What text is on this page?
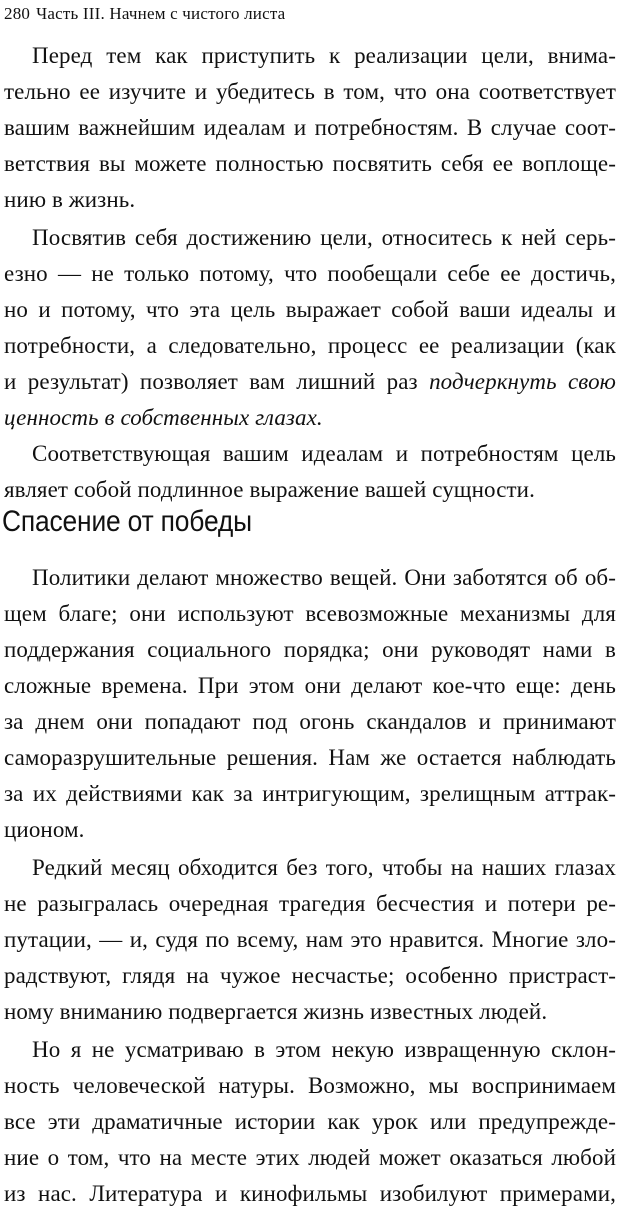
280 Часть III. Начнем с чистого листа
Перед тем как приступить к реализации цели, внима-
тельно ее изучите и убедитесь в том, что она соответствует
вашим важнейшим идеалам и потребностям. В случае соот-
ветствия вы можете полностью посвятить себя ее воплоще-
нию в жизнь.
Посвятив себя достижению цели, относитесь к ней серь-
езно — не только потому, что пообещали себе ее достичь,
но и потому, что эта цель выражает собой ваши идеалы и
потребности, а следовательно, процесс ее реализации (как
и результат) позволяет вам лишний раз подчеркнуть свою
ценность в собственных глазах.
Соответствующая вашим идеалам и потребностям цель
являет собой подлинное выражение вашей сущности.
Спасение от победы
Политики делают множество вещей. Они заботятся об об-
щем благе; они используют всевозможные механизмы для
поддержания социального порядка; они руководят нами в
сложные времена. При этом они делают кое-что еще: день
за днем они попадают под огонь скандалов и принимают
саморазрушительные решения. Нам же остается наблюдать
за их действиями как за интригующим, зрелищным аттрак-
ционом.
Редкий месяц обходится без того, чтобы на наших глазах
не разыгралась очередная трагедия бесчестия и потери ре-
путации, — и, судя по всему, нам это нравится. Многие зло-
радствуют, глядя на чужое несчастье; особенно пристраст-
ному вниманию подвергается жизнь известных людей.
Но я не усматриваю в этом некую извращенную склон-
ность человеческой натуры. Возможно, мы воспринимаем
все эти драматичные истории как урок или предупрежде-
ние о том, что на месте этих людей может оказаться любой
из нас. Литература и кинофильмы изобилуют примерами,
